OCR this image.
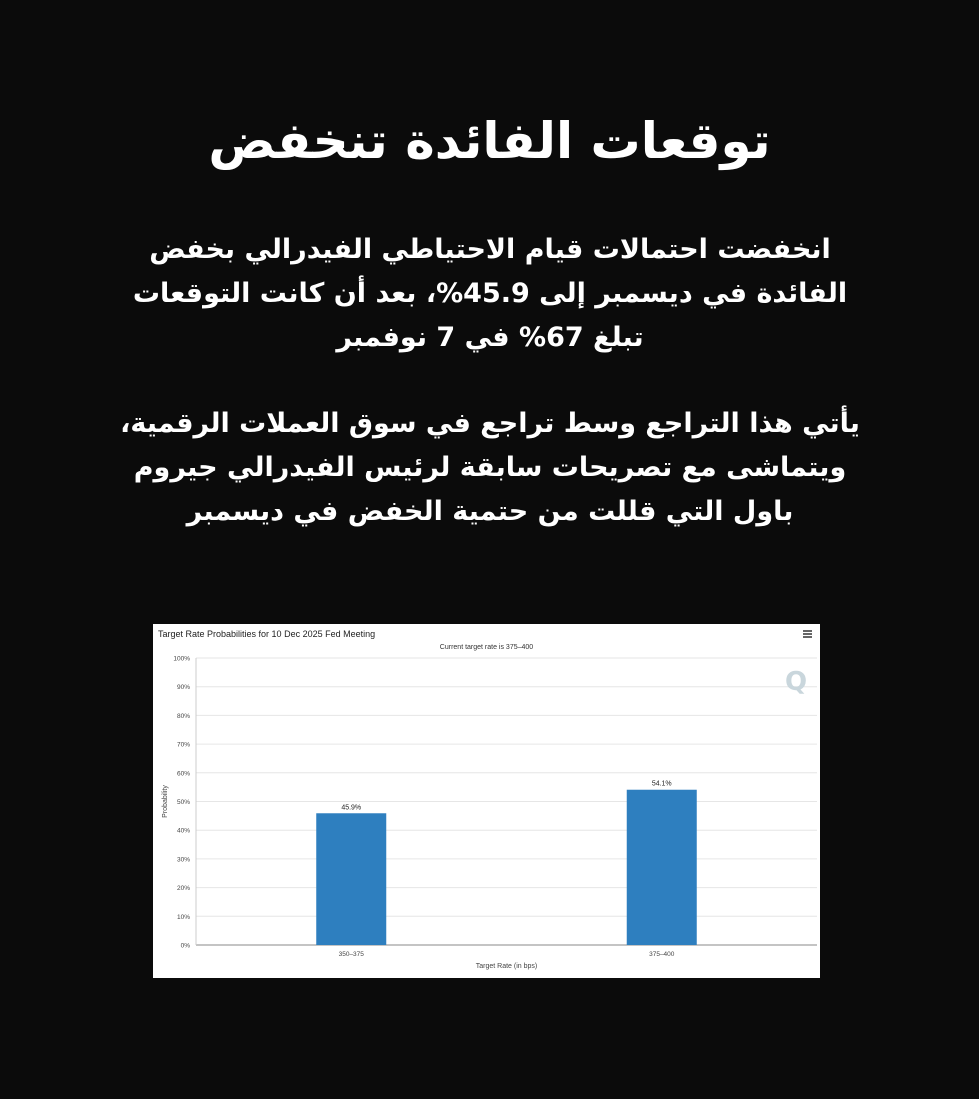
توقعات الفائدة تنخفض
انخفضت احتمالات قيام الاحتياطي الفيدرالي بخفض
الفائدة في ديسمبر إلى 45.9%، بعد أن كانت التوقعات
تبلغ 67% في 7 نوفمبر
يأتي هذا التراجع وسط تراجع في سوق العملات الرقمية،
ويتماشى مع تصريحات سابقة لرئيس الفيدرالي جيروم
باول التي قللت من حتمية الخفض في ديسمبر
0%
10%
20%
30%
40%
50%
60%
70%
80%
90%
100%
45.9%
350–375
54.1%
375–400
Target Rate (in bps)
Probability
Target Rate Probabilities for 10 Dec 2025 Fed Meeting
Current target rate is 375–400
Q
